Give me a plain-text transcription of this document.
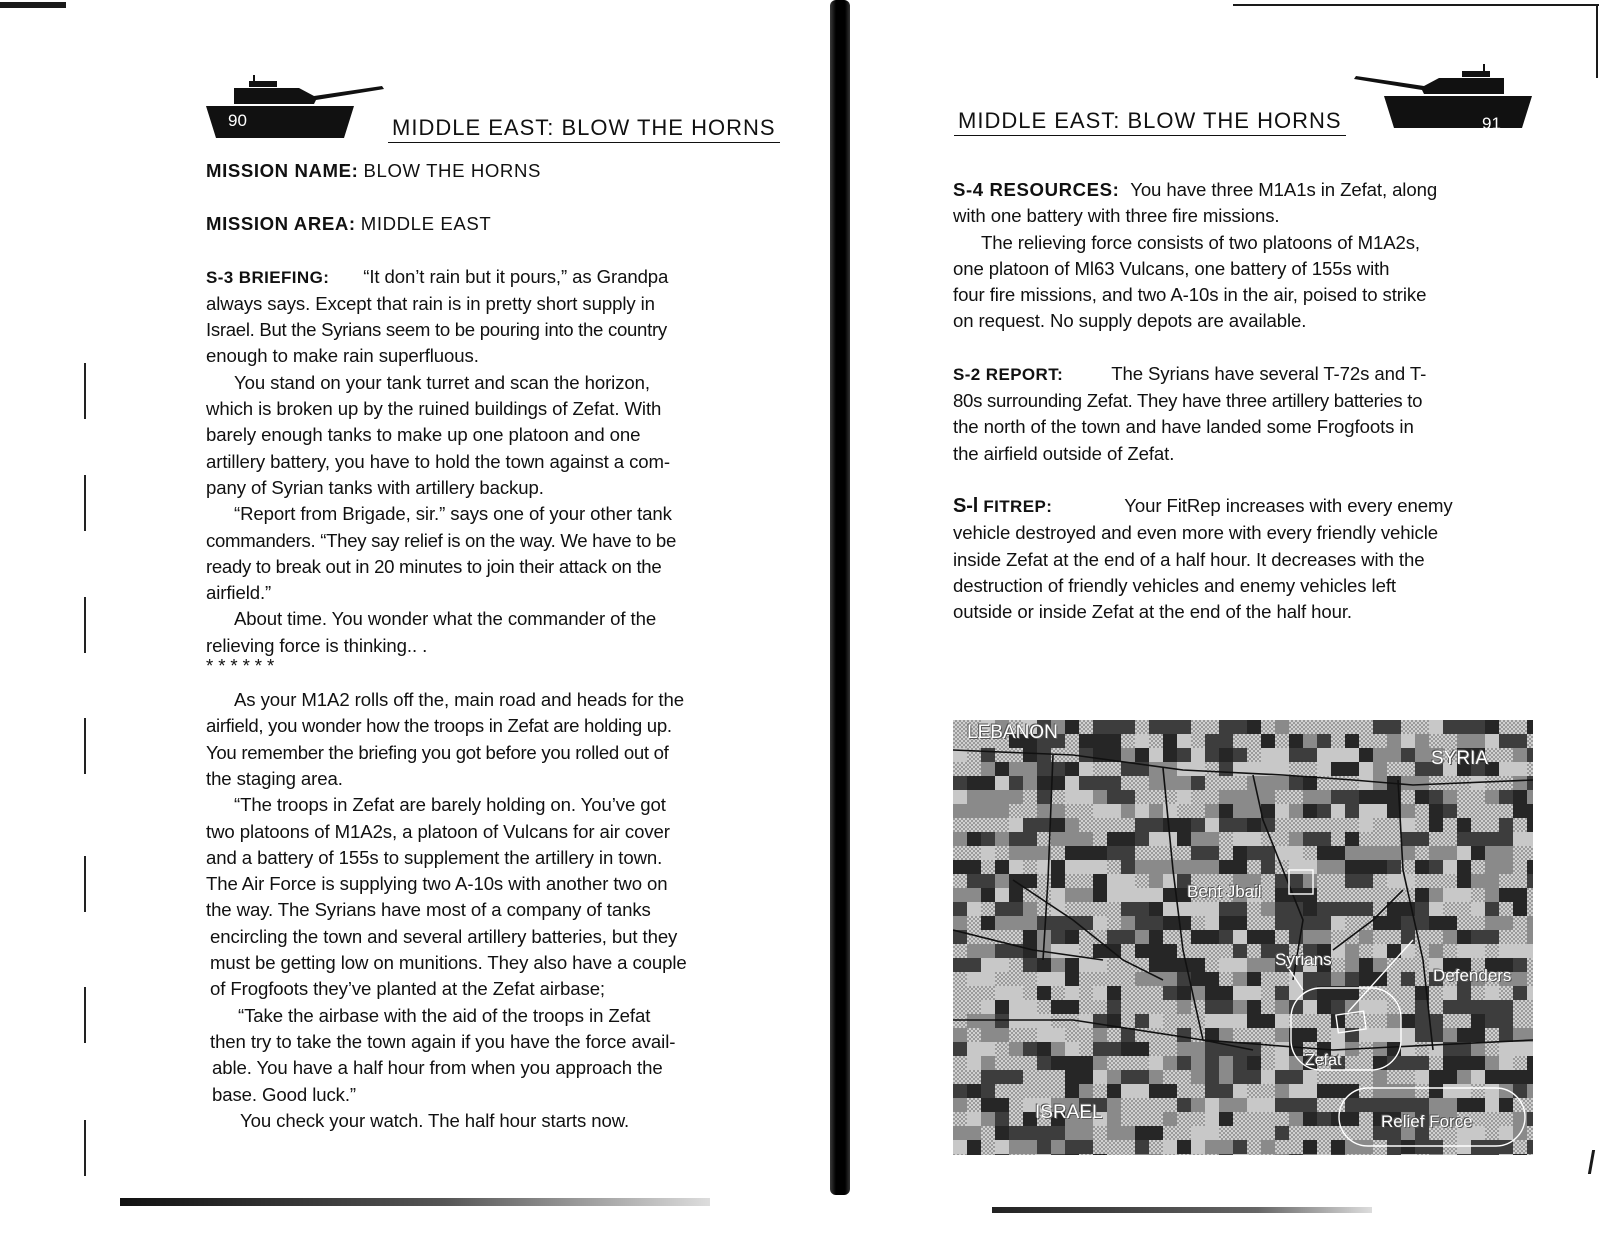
90	MIDDLE EAST: BLOW THE HORNS

MISSION NAME: BLOW THE HORNS

MISSION AREA: MIDDLE EAST

S-3 BRIEFING: “It don’t rain but it pours,” as Grandpa

always says. Except that rain is in pretty short supply in

Israel. But the Syrians seem to be pouring into the country

enough to make rain superfluous.

You stand on your tank turret and scan the horizon,

which is broken up by the ruined buildings of Zefat. With

barely enough tanks to make up one platoon and one

artillery battery, you have to hold the town against a com-

pany of Syrian tanks with artillery backup.

“Report from Brigade, sir.” says one of your other tank

commanders. “They say relief is on the way. We have to be

ready to break out in 20 minutes to join their attack on the

airfield.”

About time. You wonder what the commander of the

relieving force is thinking.. .

* * * * * *

As your M1A2 rolls off the, main road and heads for the

airfield, you wonder how the troops in Zefat are holding up.

You remember the briefing you got before you rolled out of

the staging area.

“The troops in Zefat are barely holding on. You’ve got

two platoons of M1A2s, a platoon of Vulcans for air cover

and a battery of 155s to supplement the artillery in town.

The Air Force is supplying two A-10s with another two on

the way. The Syrians have most of a company of tanks

encircling the town and several artillery batteries, but they

must be getting low on munitions. They also have a couple

of Frogfoots they’ve planted at the Zefat airbase;

“Take the airbase with the aid of the troops in Zefat

then try to take the town again if you have the force avail-

able. You have a half hour from when you approach the

base. Good luck.”

You check your watch. The half hour starts now.

MIDDLE EAST: BLOW THE HORNS	91

S-4 RESOURCES: You have three M1A1s in Zefat, along

with one battery with three fire missions.

The relieving force consists of two platoons of M1A2s,

one platoon of Ml63 Vulcans, one battery of 155s with

four fire missions, and two A-10s in the air, poised to strike

on request. No supply depots are available.

S-2 REPORT:	The Syrians have several T-72s and T-

80s surrounding Zefat. They have three artillery batteries to

the north of the town and have landed some Frogfoots in

the airfield outside of Zefat.

S-l FITREP:	Your FitRep increases with every enemy

vehicle destroyed and even more with every friendly vehicle

inside Zefat at the end of a half hour. It decreases with the

destruction of friendly vehicles and enemy vehicles left

outside or inside Zefat at the end of the half hour.

LEBANON
SYRIA
Bent Jbail
Syrians
Defenders
Zefat
ISRAEL	Relief Force
